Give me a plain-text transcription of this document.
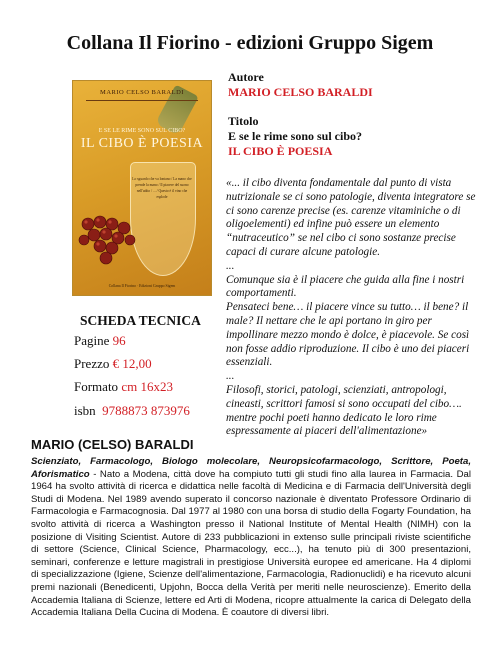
Collana Il Fiorino - edizioni Gruppo Sigem
MARIO CELSO BARALDI
E SE LE RIME SONO SUL CIBO?
IL CIBO È POESIA
Lo sguardo che va lontano / La mano che prende la mano / Il piacere del suono nell'udito / ... / Questo è il vino che esplode
Collana Il Fiorino · Edizioni Gruppo Sigem
SCHEDA TECNICA
Pagine 96
Prezzo € 12,00
Formato cm 16x23
isbn 9788873 873976
Autore
MARIO CELSO BARALDI
Titolo
E se le rime sono sul cibo?
IL CIBO È POESIA

«... il cibo diventa fondamentale dal punto di vista nutrizionale se ci sono patologie, diventa integratore se ci sono carenze precise (es. carenze vitaminiche o di oligoelementi) ed infine può essere un elemento “nutraceutico” se nel cibo ci sono sostanze precise capaci di curare alcune patologie.

...

Comunque sia è il piacere che guida alla fine i nostri comportamenti.

Pensateci bene… il piacere vince su tutto… il bene? il male? Il nettare che le api portano in giro per impollinare mezzo mondo è dolce, è piacevole. Se così non fosse addio riproduzione. Il cibo è uno dei piaceri essenziali.

...

Filosofi, storici, patologi, scienziati, antropologi, cineasti, scrittori famosi si sono occupati del cibo…. mentre pochi poeti hanno dedicato le loro rime espressamente ai piaceri dell'alimentazione»

MARIO (CELSO) BARALDI
Scienziato, Farmacologo, Biologo molecolare, Neuropsicofarmacologo, Scrittore, Poeta, Aforismatico - Nato a Modena, città dove ha compiuto tutti gli studi fino alla laurea in Farmacia. Dal 1964 ha svolto attività di ricerca e didattica nelle facoltà di Medicina e di Farmacia dell'Università degli Studi di Modena. Nel 1989 avendo superato il concorso nazionale è diventato Professore Ordinario di Farmacologia e Farmacognosia. Dal 1977 al 1980 con una borsa di studio della Fogarty Foundation, ha svolto attività di ricerca a Washington presso il National Institute of Mental Health (NIMH) con la posizione di Visiting Scientist. Autore di 233 pubblicazioni in extenso sulle principali riviste scientifiche di settore (Science, Clinical Science, Pharmacology, ecc...), ha tenuto più di 300 presentazioni, seminari, conferenze e letture magistrali in prestigiose Università europee ed americane. Ha 4 diplomi di specializzazione (Igiene, Scienze dell'alimentazione, Farmacologia, Radionuclidi) e ha ricevuto alcuni premi nazionali (Benedicenti, Upjohn, Bocca della Verità per meriti nelle neuroscienze). Emerito della Accademia Italiana di Scienze, lettere ed Arti di Modena, ricopre attualmente la carica di Delegato della Accademia Italiana Della Cucina di Modena. È coautore di diversi libri.
